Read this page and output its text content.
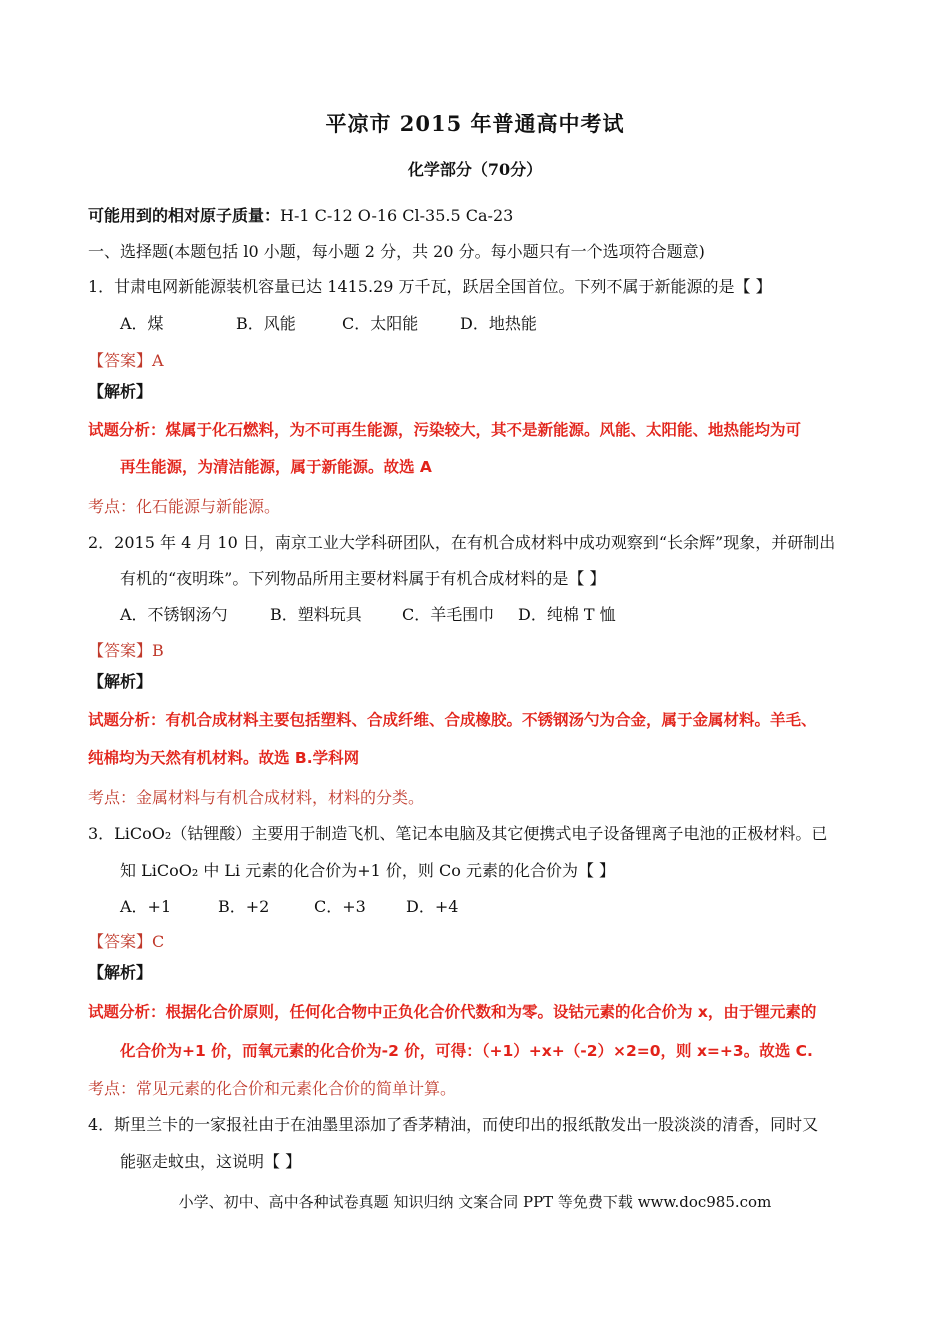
平凉市 2015 年普通高中考试
化学部分（70分）
可能用到的相对原子质量：H-1 C-12 O-16 Cl-35.5 Ca-23
一、选择题(本题包括 l0 小题，每小题 2 分，共 20 分。每小题只有一个选项符合题意)
1．甘肃电网新能源装机容量已达 1415.29 万千瓦，跃居全国首位。下列不属于新能源的是【 】
A．煤	B．风能	C．太阳能	D．地热能
【答案】A
【解析】
试题分析：煤属于化石燃料，为不可再生能源，污染较大，其不是新能源。风能、太阳能、地热能均为可
再生能源，为清洁能源，属于新能源。故选 A
考点：化石能源与新能源。
2．2015 年 4 月 10 日，南京工业大学科研团队，在有机合成材料中成功观察到“长余辉”现象，并研制出
有机的“夜明珠”。下列物品所用主要材料属于有机合成材料的是【 】
A．不锈钢汤勺	B．塑料玩具	C．羊毛围巾 D．纯棉 T 恤
【答案】B
【解析】
试题分析：有机合成材料主要包括塑料、合成纤维、合成橡胶。不锈钢汤勺为合金，属于金属材料。羊毛、
纯棉均为天然有机材料。故选 B.学科网
考点：金属材料与有机合成材料，材料的分类。
3．LiCoO₂（钴锂酸）主要用于制造飞机、笔记本电脑及其它便携式电子设备锂离子电池的正极材料。已
知 LiCoO₂ 中 Li 元素的化合价为+1 价，则 Co 元素的化合价为【 】
A．+1	B．+2	C．+3	D．+4
【答案】C
【解析】
试题分析：根据化合价原则，任何化合物中正负化合价代数和为零。设钴元素的化合价为 x，由于锂元素的
化合价为+1 价，而氧元素的化合价为-2 价，可得：（+1）+x+（-2）×2=0，则 x=+3。故选 C.
考点：常见元素的化合价和元素化合价的简单计算。
4．斯里兰卡的一家报社由于在油墨里添加了香茅精油，而使印出的报纸散发出一股淡淡的清香，同时又
能驱走蚊虫，这说明【 】
小学、初中、高中各种试卷真题 知识归纳 文案合同 PPT 等免费下载 www.doc985.com
